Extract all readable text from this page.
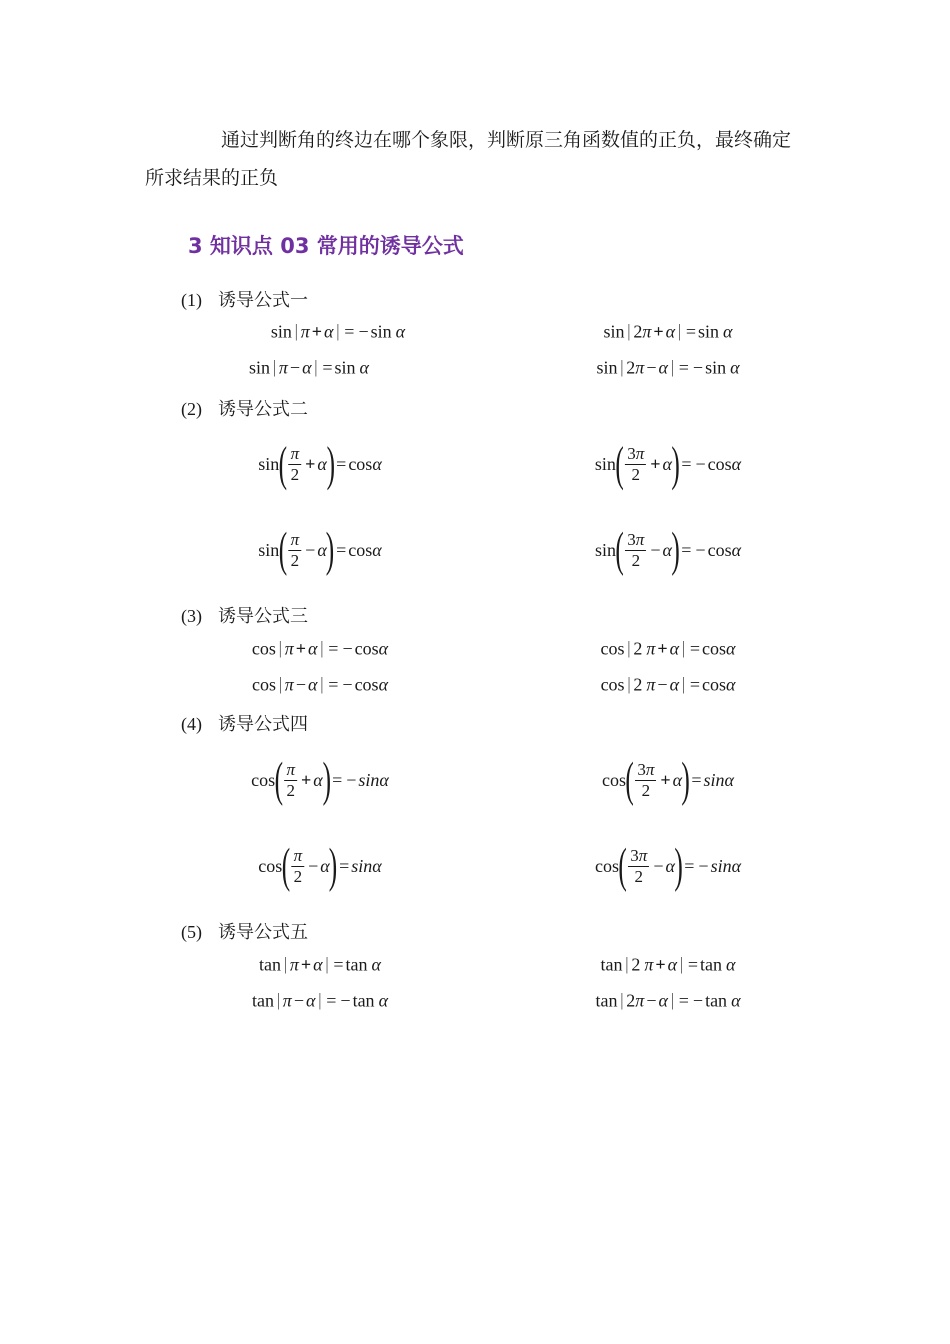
通过判断角的终边在哪个象限，判断原三角函数值的正负，最终确定
所求结果的正负
3 知识点 03 常用的诱导公式
(1) 诱导公式一
(2) 诱导公式二
(3) 诱导公式三
(4) 诱导公式四
(5) 诱导公式五
sin | π + α | = − sin α	sin | 2 π + α | = sin α
sin | π − α | = sin α	sin | 2 π − α | = − sin α
sin ( $\frac{\pi}{2} + \alpha$ ) = cos α	sin ( $\frac{3\pi}{2} + \alpha$ ) = − cos α
sin ( $\frac{\pi}{2} - \alpha$ ) = cos α	sin ( $\frac{3\pi}{2} - \alpha$ ) = − cos α
cos | π + α | = − cos α	cos | 2 π + α | = cos α
cos | π − α | = − cos α	cos | 2 π − α | = cos α
cos ( $\frac{\pi}{2} + \alpha$ ) = − sinα	cos ( $\frac{3\pi}{2} + \alpha$ ) = sinα
cos ( $\frac{\pi}{2} - \alpha$ ) = sinα	cos ( $\frac{3\pi}{2} - \alpha$ ) = − sinα
tan | π + α | = tan α	tan | 2 π + α | = tan α
tan | π − α | = − tan α	tan | 2 π − α | = − tan α
